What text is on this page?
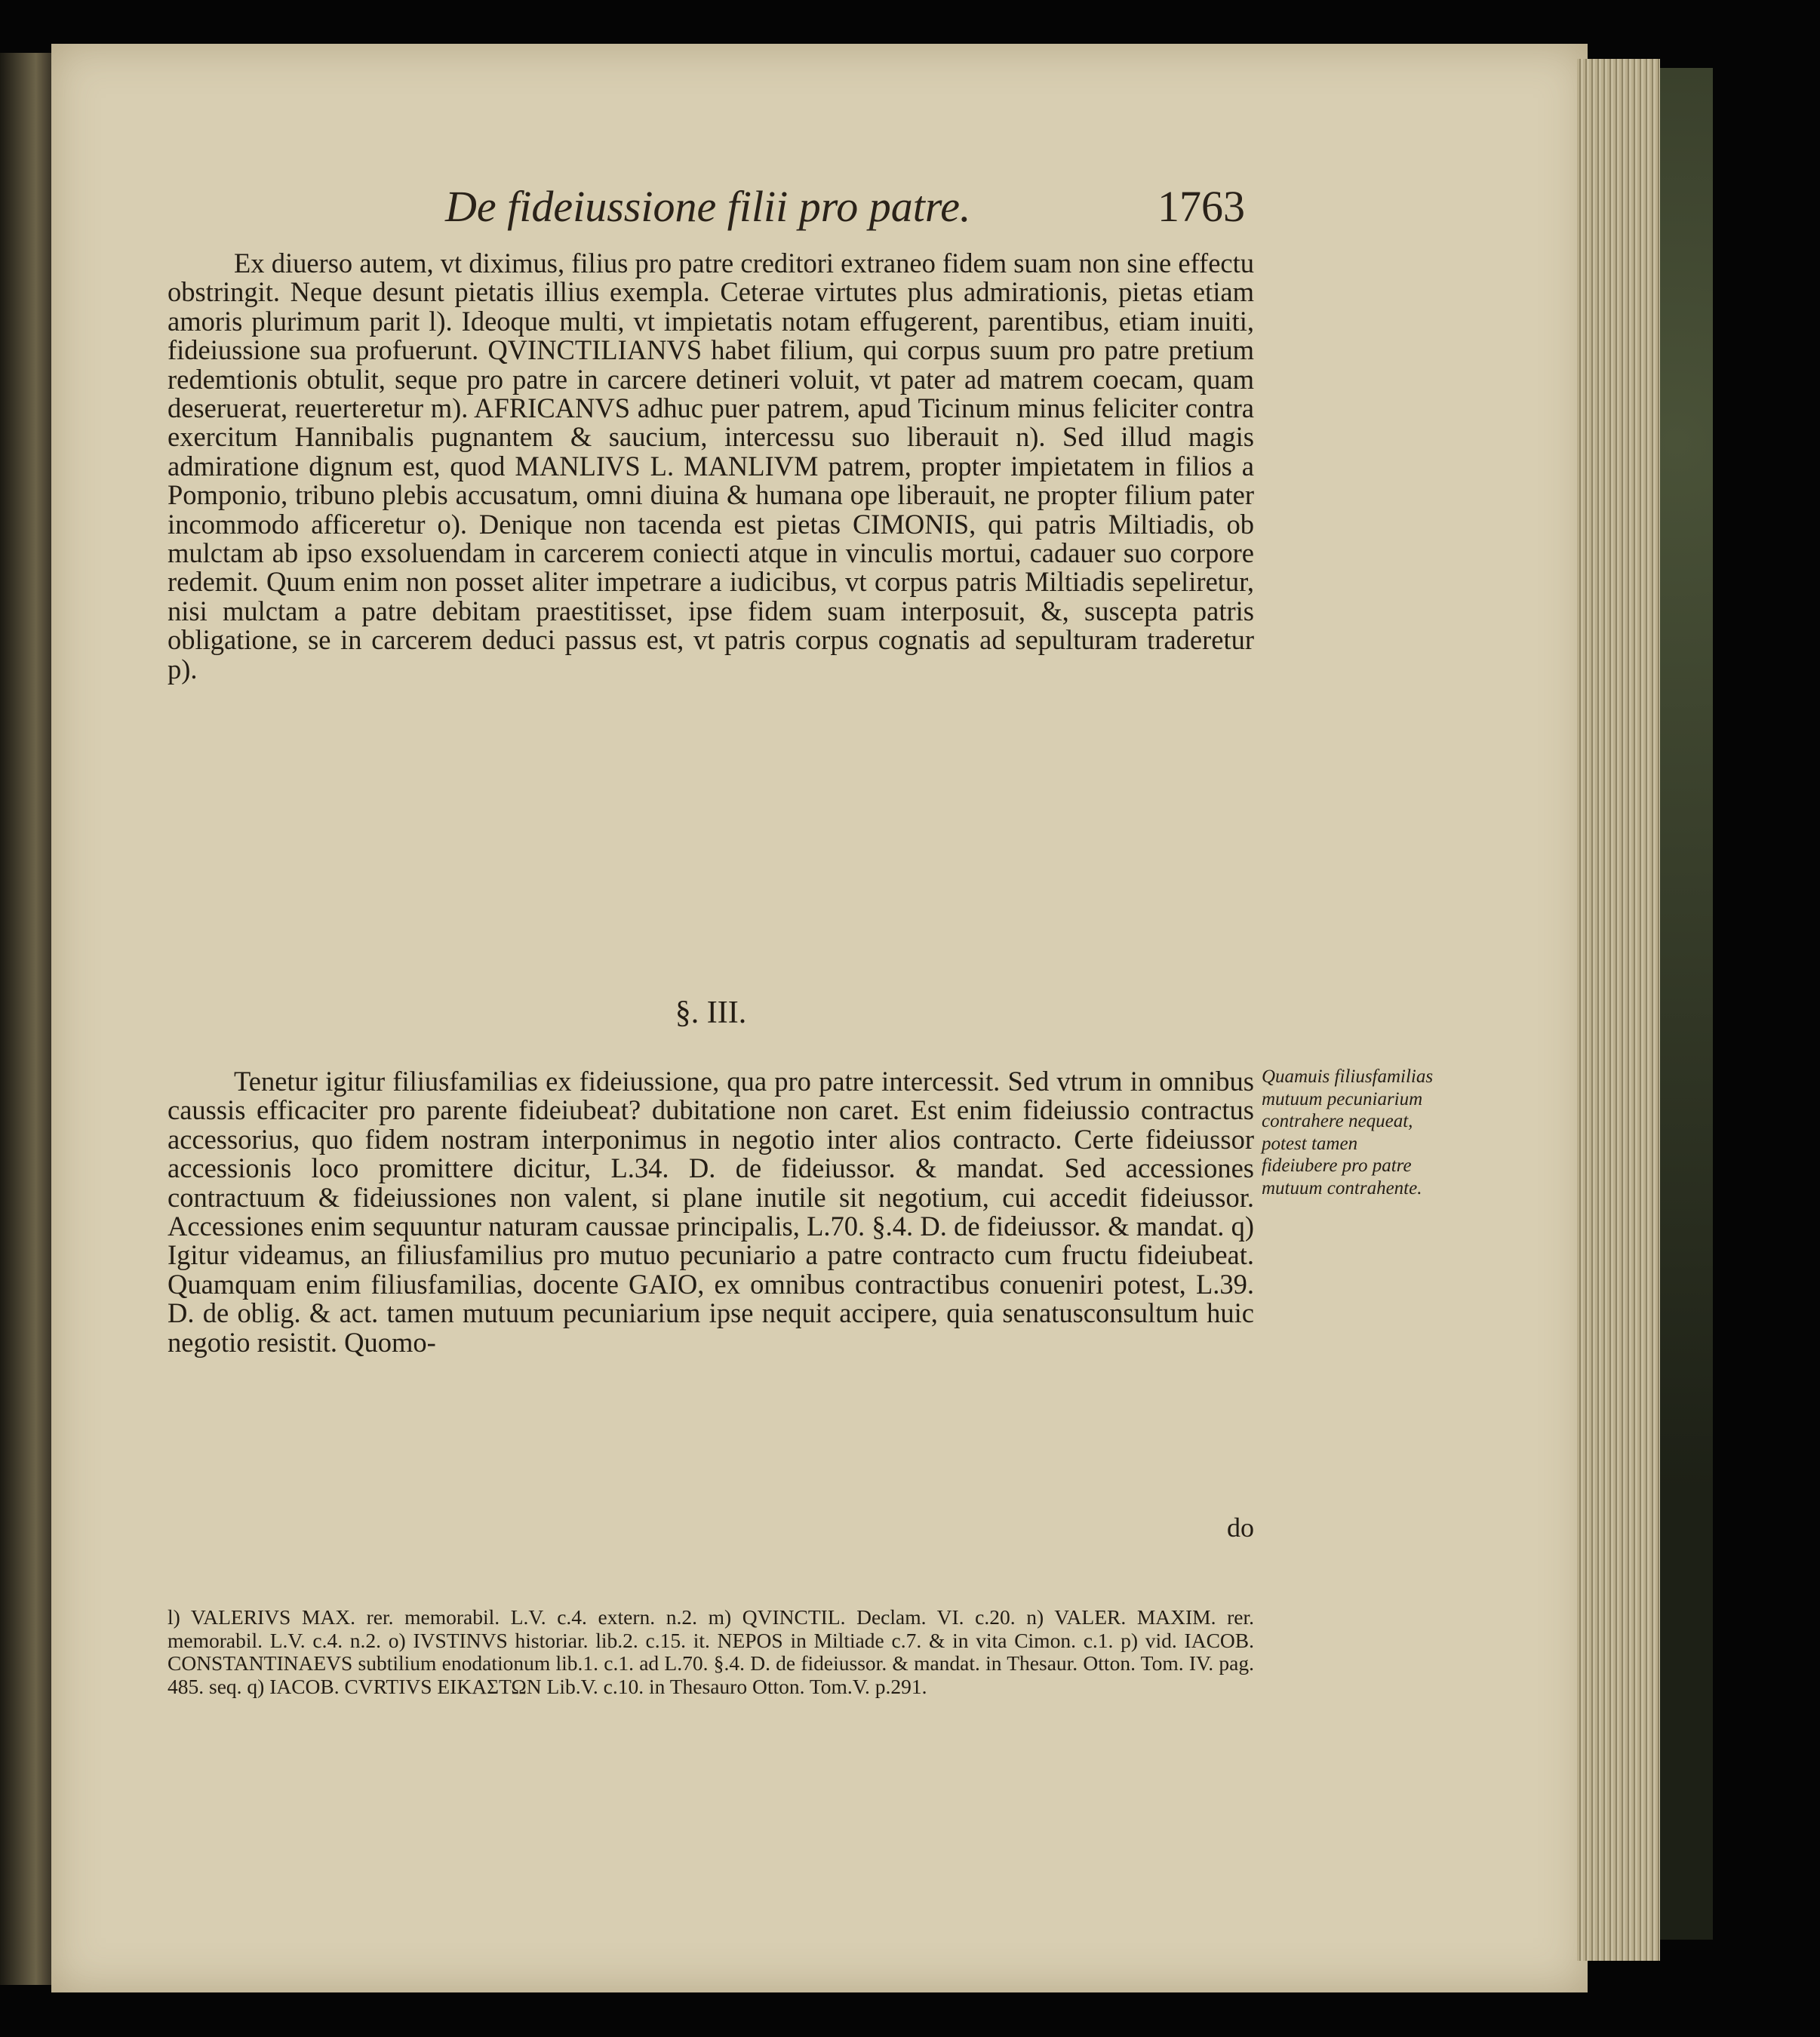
De fideiussione filii pro patre.	1763

Ex diuerso autem, vt diximus, filius pro patre creditori extraneo fidem suam non sine effectu obstringit. Neque desunt pietatis illius exempla. Ceterae virtutes plus admirationis, pietas etiam amoris plurimum parit l). Ideoque multi, vt impietatis notam effugerent, parentibus, etiam inuiti, fideiussione sua profuerunt. QVINCTILIANVS habet filium, qui corpus suum pro patre pretium redemtionis obtulit, seque pro patre in carcere detineri voluit, vt pater ad matrem coecam, quam deseruerat, reuerteretur m). AFRICANVS adhuc puer patrem, apud Ticinum minus feliciter contra exercitum Hannibalis pugnantem & saucium, intercessu suo liberauit n). Sed illud magis admiratione dignum est, quod MANLIVS L. MANLIVM patrem, propter impietatem in filios a Pomponio, tribuno plebis accusatum, omni diuina & humana ope liberauit, ne propter filium pater incommodo afficeretur o). Denique non tacenda est pietas CIMONIS, qui patris Miltiadis, ob mulctam ab ipso exsoluendam in carcerem coniecti atque in vinculis mortui, cadauer suo corpore redemit. Quum enim non posset aliter impetrare a iudicibus, vt corpus patris Miltiadis sepeliretur, nisi mulctam a patre debitam praestitisset, ipse fidem suam interposuit, &, suscepta patris obligatione, se in carcerem deduci passus est, vt patris corpus cognatis ad sepulturam traderetur p).

§. III.

Tenetur igitur filiusfamilias ex fideiussione, qua pro patre intercessit. Sed vtrum in omnibus caussis efficaciter pro parente fideiubeat? dubitatione non caret. Est enim fideiussio contractus accessorius, quo fidem nostram interponimus in negotio inter alios contracto. Certe fideiussor accessionis loco promittere dicitur, L.34. D. de fideiussor. & mandat. Sed accessiones contractuum & fideiussiones non valent, si plane inutile sit negotium, cui accedit fideiussor. Accessiones enim sequuntur naturam caussae principalis, L.70. §.4. D. de fideiussor. & mandat. q) Igitur videamus, an filiusfamilius pro mutuo pecuniario a patre contracto cum fructu fideiubeat. Quamquam enim filiusfamilias, docente GAIO, ex omnibus contractibus conueniri potest, L.39. D. de oblig. & act. tamen mutuum pecuniarium ipse nequit accipere, quia senatusconsultum huic negotio resistit. Quomo-

do
Quamuis filiusfamilias mutuum pecuniarium contrahere nequeat, potest tamen fideiubere pro patre mutuum contrahente.

l) VALERIVS MAX. rer. memorabil. L.V. c.4. extern. n.2. m) QVINCTIL. Declam. VI. c.20. n) VALER. MAXIM. rer. memorabil. L.V. c.4. n.2. o) IVSTINVS historiar. lib.2. c.15. it. NEPOS in Miltiade c.7. & in vita Cimon. c.1. p) vid. IACOB. CONSTANTINAEVS subtilium enodationum lib.1. c.1. ad L.70. §.4. D. de fideiussor. & mandat. in Thesaur. Otton. Tom. IV. pag. 485. seq. q) IACOB. CVRTIVS ΕΙΚΑΣΤΩΝ Lib.V. c.10. in Thesauro Otton. Tom.V. p.291.
